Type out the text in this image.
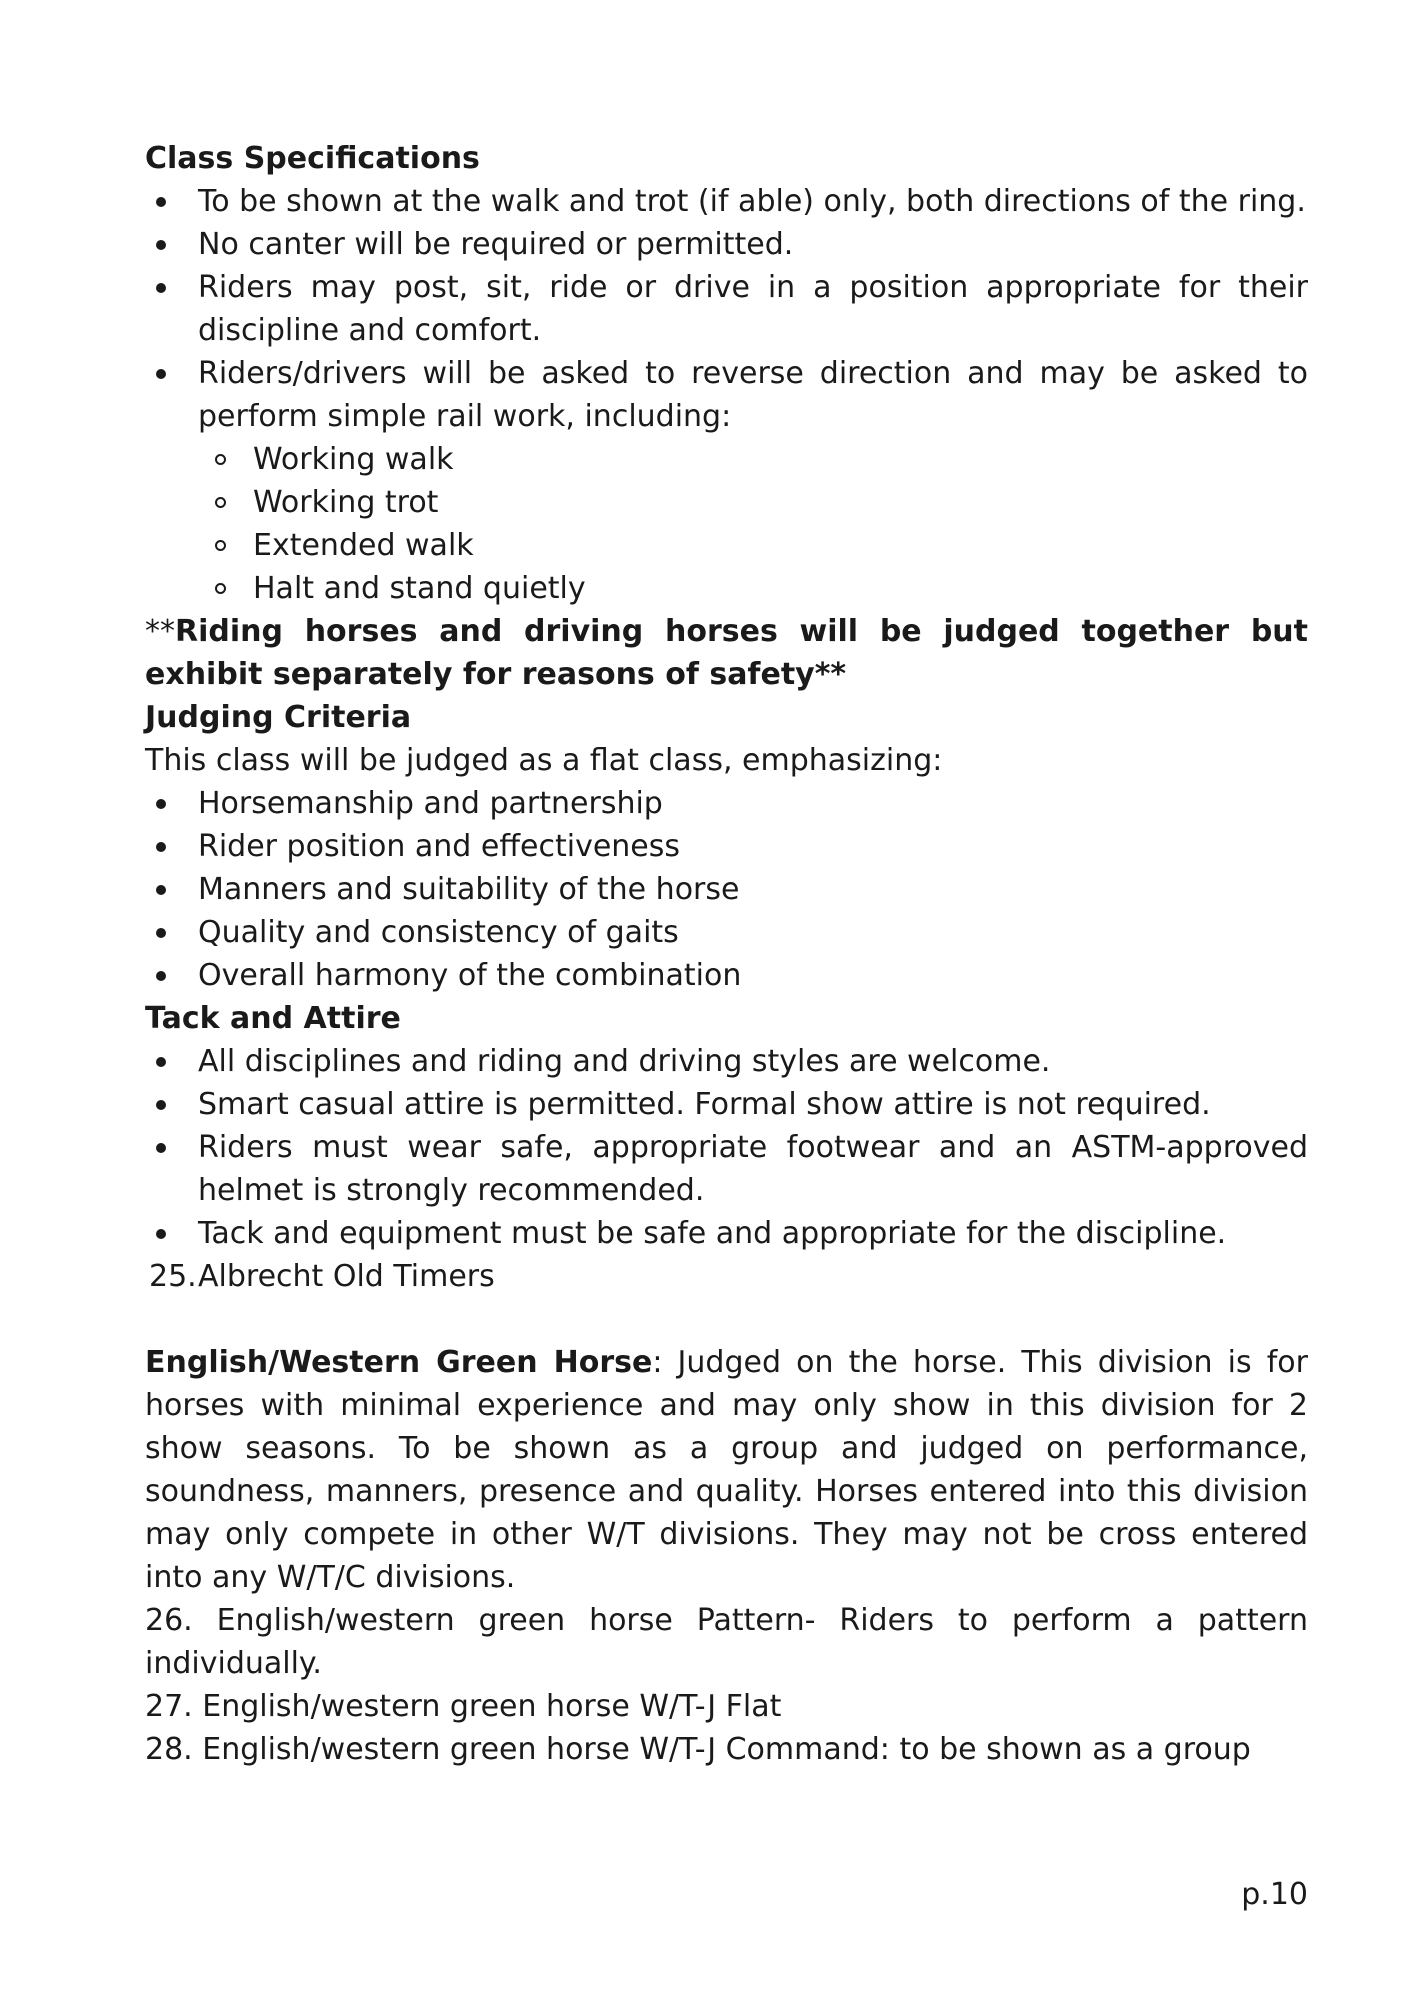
Class Specifications

To be shown at the walk and trot (if able) only, both directions of the ring.
No canter will be required or permitted.
Riders may post, sit, ride or drive in a position appropriate for their discipline and comfort.
Riders/drivers will be asked to reverse direction and may be asked to perform simple rail work, including:
Working walk
Working trot
Extended walk
Halt and stand quietly

**Riding horses and driving horses will be judged together but exhibit separately for reasons of safety**

Judging Criteria

This class will be judged as a flat class, emphasizing:

Horsemanship and partnership
Rider position and effectiveness
Manners and suitability of the horse
Quality and consistency of gaits
Overall harmony of the combination

Tack and Attire

All disciplines and riding and driving styles are welcome.
Smart casual attire is permitted. Formal show attire is not required.
Riders must wear safe, appropriate footwear and an ASTM-approved helmet is strongly recommended.
Tack and equipment must be safe and appropriate for the discipline.
25. Albrecht Old Timers

English/Western Green Horse: Judged on the horse. This division is for horses with minimal experience and may only show in this division for 2 show seasons. To be shown as a group and judged on performance, soundness, manners, presence and quality. Horses entered into this division may only compete in other W/T divisions. They may not be cross entered into any W/T/C divisions.

26. English/western green horse Pattern- Riders to perform a pattern individually.

27. English/western green horse W/T-J Flat

28. English/western green horse W/T-J Command: to be shown as a group

p.10
